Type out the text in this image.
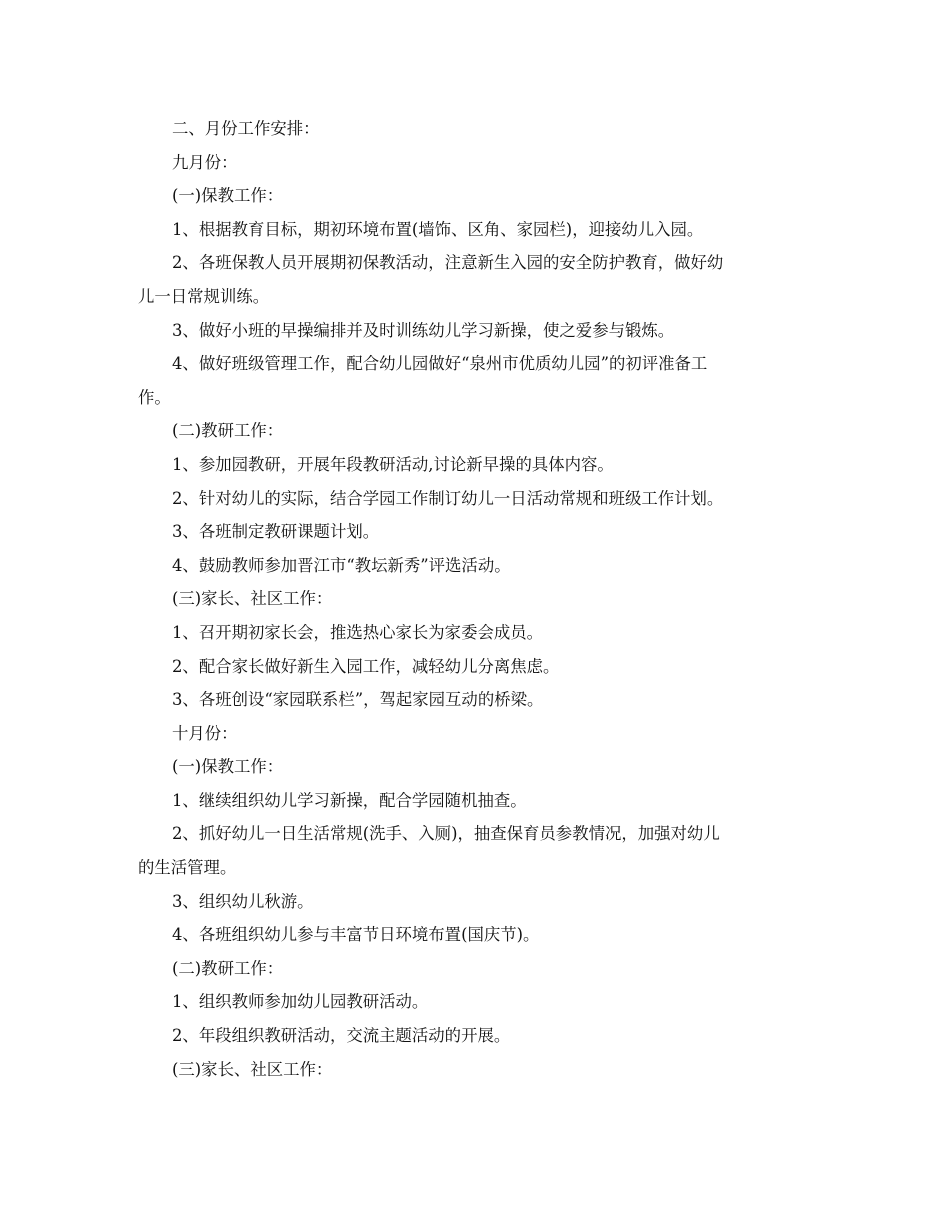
二、月份工作安排：
九月份：
(一)保教工作：
1、根据教育目标，期初环境布置(墙饰、区角、家园栏)，迎接幼儿入园。
2、各班保教人员开展期初保教活动，注意新生入园的安全防护教育，做好幼
儿一日常规训练。
3、做好小班的早操编排并及时训练幼儿学习新操，使之爱参与锻炼。
4、做好班级管理工作，配合幼儿园做好“泉州市优质幼儿园”的初评准备工
作。
(二)教研工作：
1、参加园教研，开展年段教研活动,讨论新早操的具体内容。
2、针对幼儿的实际，结合学园工作制订幼儿一日活动常规和班级工作计划。
3、各班制定教研课题计划。
4、鼓励教师参加晋江市“教坛新秀”评选活动。
(三)家长、社区工作：
1、召开期初家长会，推选热心家长为家委会成员。
2、配合家长做好新生入园工作，减轻幼儿分离焦虑。
3、各班创设“家园联系栏”，驾起家园互动的桥梁。
十月份：
(一)保教工作：
1、继续组织幼儿学习新操，配合学园随机抽查。
2、抓好幼儿一日生活常规(洗手、入厕)，抽查保育员参教情况，加强对幼儿
的生活管理。
3、组织幼儿秋游。
4、各班组织幼儿参与丰富节日环境布置(国庆节)。
(二)教研工作：
1、组织教师参加幼儿园教研活动。
2、年段组织教研活动，交流主题活动的开展。
(三)家长、社区工作：
